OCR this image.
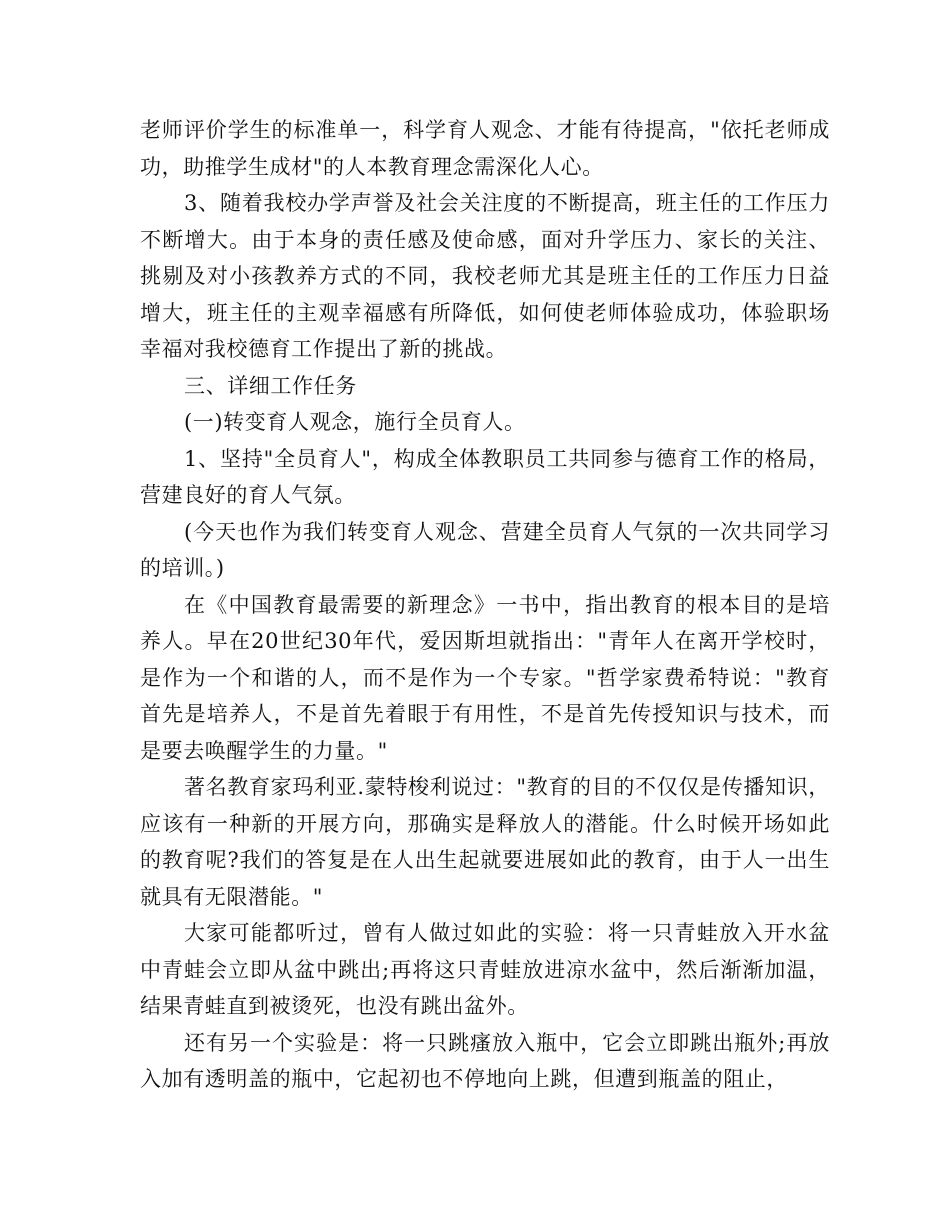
老师评价学生的标准单一，科学育人观念、才能有待提高，"依托老师成功，助推学生成材"的人本教育理念需深化人心。

3、随着我校办学声誉及社会关注度的不断提高，班主任的工作压力不断增大。由于本身的责任感及使命感，面对升学压力、家长的关注、挑剔及对小孩教养方式的不同，我校老师尤其是班主任的工作压力日益增大，班主任的主观幸福感有所降低，如何使老师体验成功，体验职场幸福对我校德育工作提出了新的挑战。

三、详细工作任务

(一)转变育人观念，施行全员育人。

1、坚持"全员育人"，构成全体教职员工共同参与德育工作的格局，营建良好的育人气氛。

(今天也作为我们转变育人观念、营建全员育人气氛的一次共同学习的培训。)

在《中国教育最需要的新理念》一书中，指出教育的根本目的是培养人。早在20世纪30年代，爱因斯坦就指出："青年人在离开学校时，是作为一个和谐的人，而不是作为一个专家。"哲学家费希特说："教育首先是培养人，不是首先着眼于有用性，不是首先传授知识与技术，而是要去唤醒学生的力量。"

著名教育家玛利亚.蒙特梭利说过："教育的目的不仅仅是传播知识，应该有一种新的开展方向，那确实是释放人的潜能。什么时候开场如此的教育呢?我们的答复是在人出生起就要进展如此的教育，由于人一出生就具有无限潜能。"

大家可能都听过，曾有人做过如此的实验：将一只青蛙放入开水盆中青蛙会立即从盆中跳出;再将这只青蛙放进凉水盆中，然后渐渐加温，结果青蛙直到被烫死，也没有跳出盆外。

还有另一个实验是：将一只跳瘙放入瓶中，它会立即跳出瓶外;再放入加有透明盖的瓶中，它起初也不停地向上跳，但遭到瓶盖的阻止，
